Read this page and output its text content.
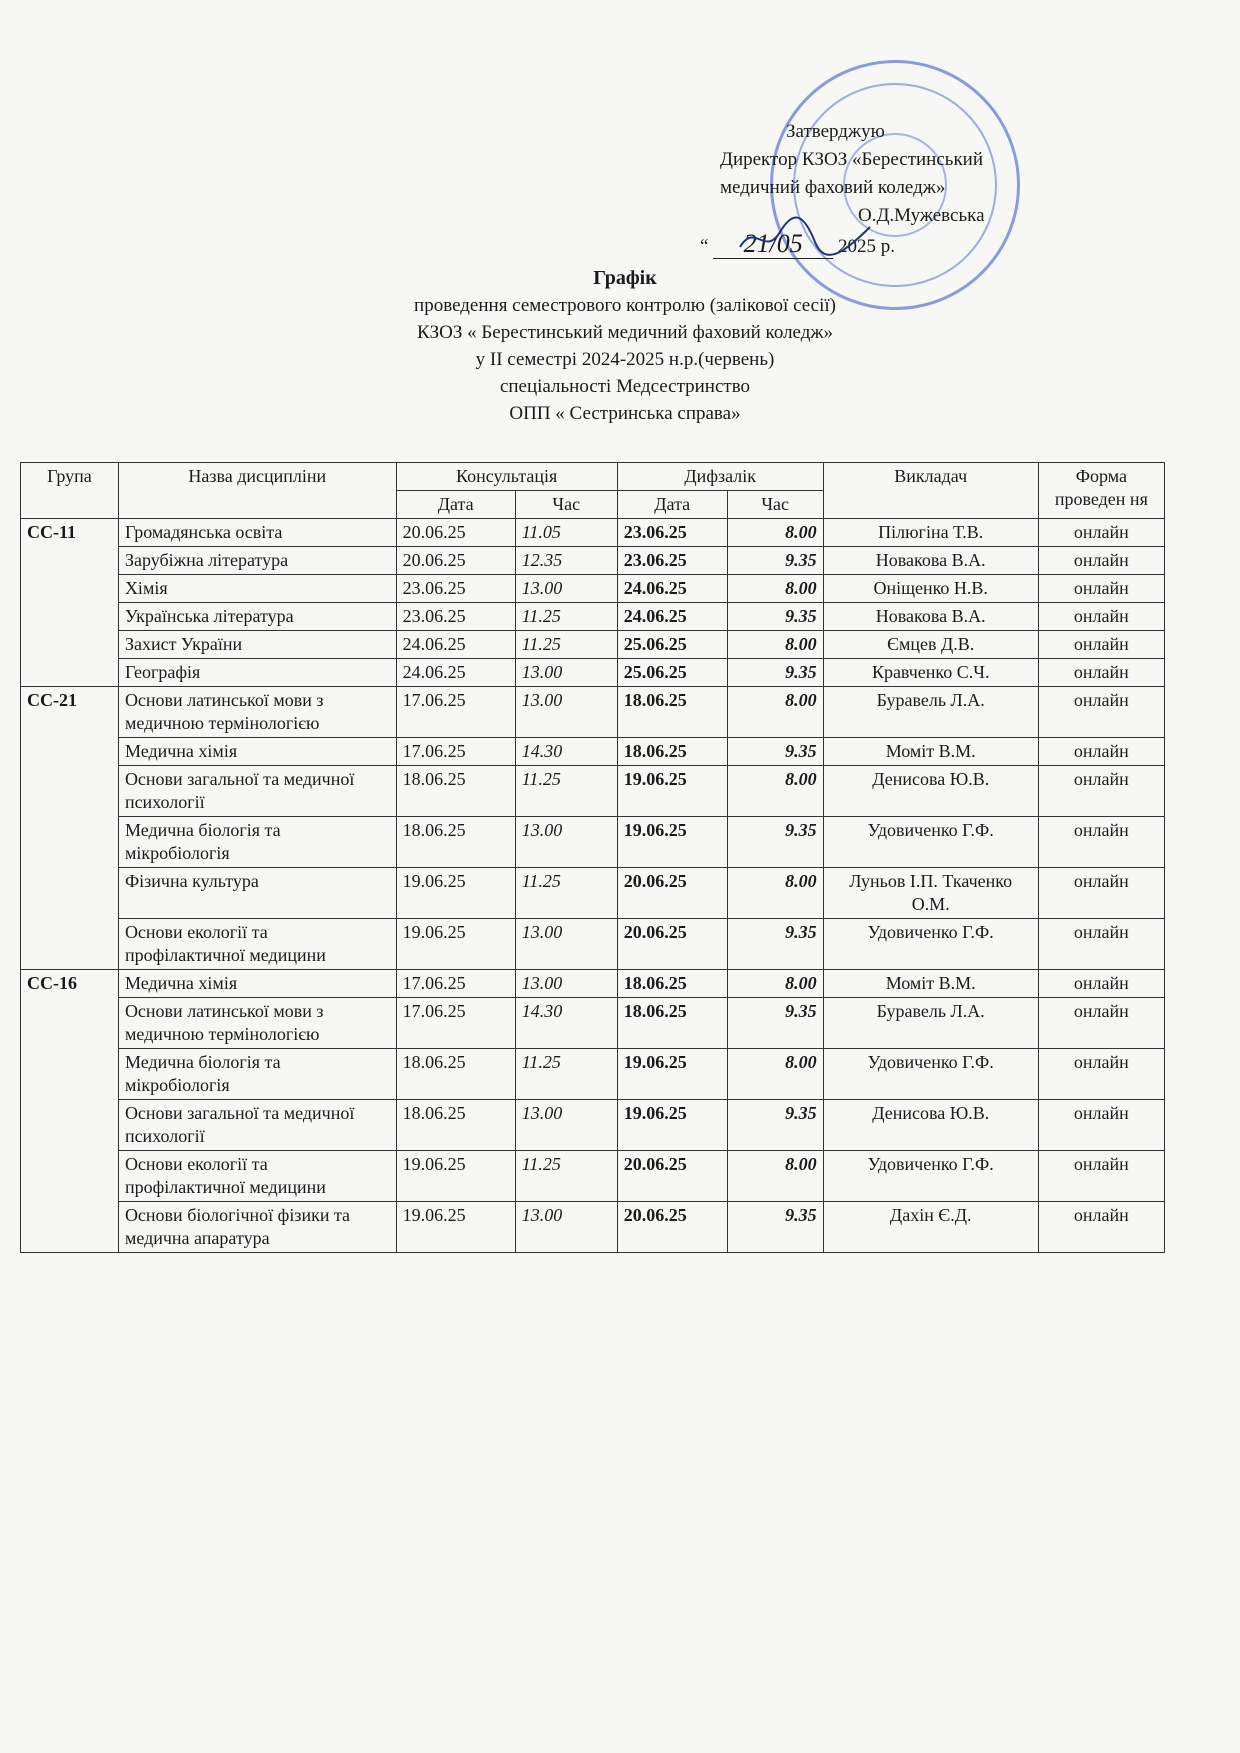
Затверджую
Директор КЗОЗ «Берестинський
медичний фаховий коледж»
О.Д.Мужевська
“ 21/05 2025 р.
Графік
проведення семестрового контролю (залікової сесії)
КЗОЗ « Берестинський медичний фаховий коледж»
у ІІ семестрі 2024-2025 н.р.(червень)
спеціальності Медсестринство
ОПП « Сестринська справа»
Група	Назва дисципліни	Консультація		Дифзалік		Викладач	Форма проведен ня
		Дата	Час	Дата	Час		
СС-11	Громадянська освіта	20.06.25	11.05	23.06.25	8.00	Пілюгіна Т.В.	онлайн
	Зарубіжна література	20.06.25	12.35	23.06.25	9.35	Новакова В.А.	онлайн
	Хімія	23.06.25	13.00	24.06.25	8.00	Оніщенко Н.В.	онлайн
	Українська література	23.06.25	11.25	24.06.25	9.35	Новакова В.А.	онлайн
	Захист України	24.06.25	11.25	25.06.25	8.00	Ємцев Д.В.	онлайн
	Географія	24.06.25	13.00	25.06.25	9.35	Кравченко С.Ч.	онлайн
СС-21	Основи латинської мови з медичною термінологією	17.06.25	13.00	18.06.25	8.00	Буравель Л.А.	онлайн
	Медична хімія	17.06.25	14.30	18.06.25	9.35	Моміт В.М.	онлайн
	Основи загальної та медичної психології	18.06.25	11.25	19.06.25	8.00	Денисова Ю.В.	онлайн
	Медична біологія та мікробіологія	18.06.25	13.00	19.06.25	9.35	Удовиченко Г.Ф.	онлайн
	Фізична культура	19.06.25	11.25	20.06.25	8.00	Луньов І.П. Ткаченко О.М.	онлайн
	Основи екології та профілактичної медицини	19.06.25	13.00	20.06.25	9.35	Удовиченко Г.Ф.	онлайн
СС-16	Медична хімія	17.06.25	13.00	18.06.25	8.00	Моміт В.М.	онлайн
	Основи латинської мови з медичною термінологією	17.06.25	14.30	18.06.25	9.35	Буравель Л.А.	онлайн
	Медична біологія та мікробіологія	18.06.25	11.25	19.06.25	8.00	Удовиченко Г.Ф.	онлайн
	Основи загальної та медичної психології	18.06.25	13.00	19.06.25	9.35	Денисова Ю.В.	онлайн
	Основи екології та профілактичної медицини	19.06.25	11.25	20.06.25	8.00	Удовиченко Г.Ф.	онлайн
	Основи біологічної фізики та медична апаратура	19.06.25	13.00	20.06.25	9.35	Дахін Є.Д.	онлайн
